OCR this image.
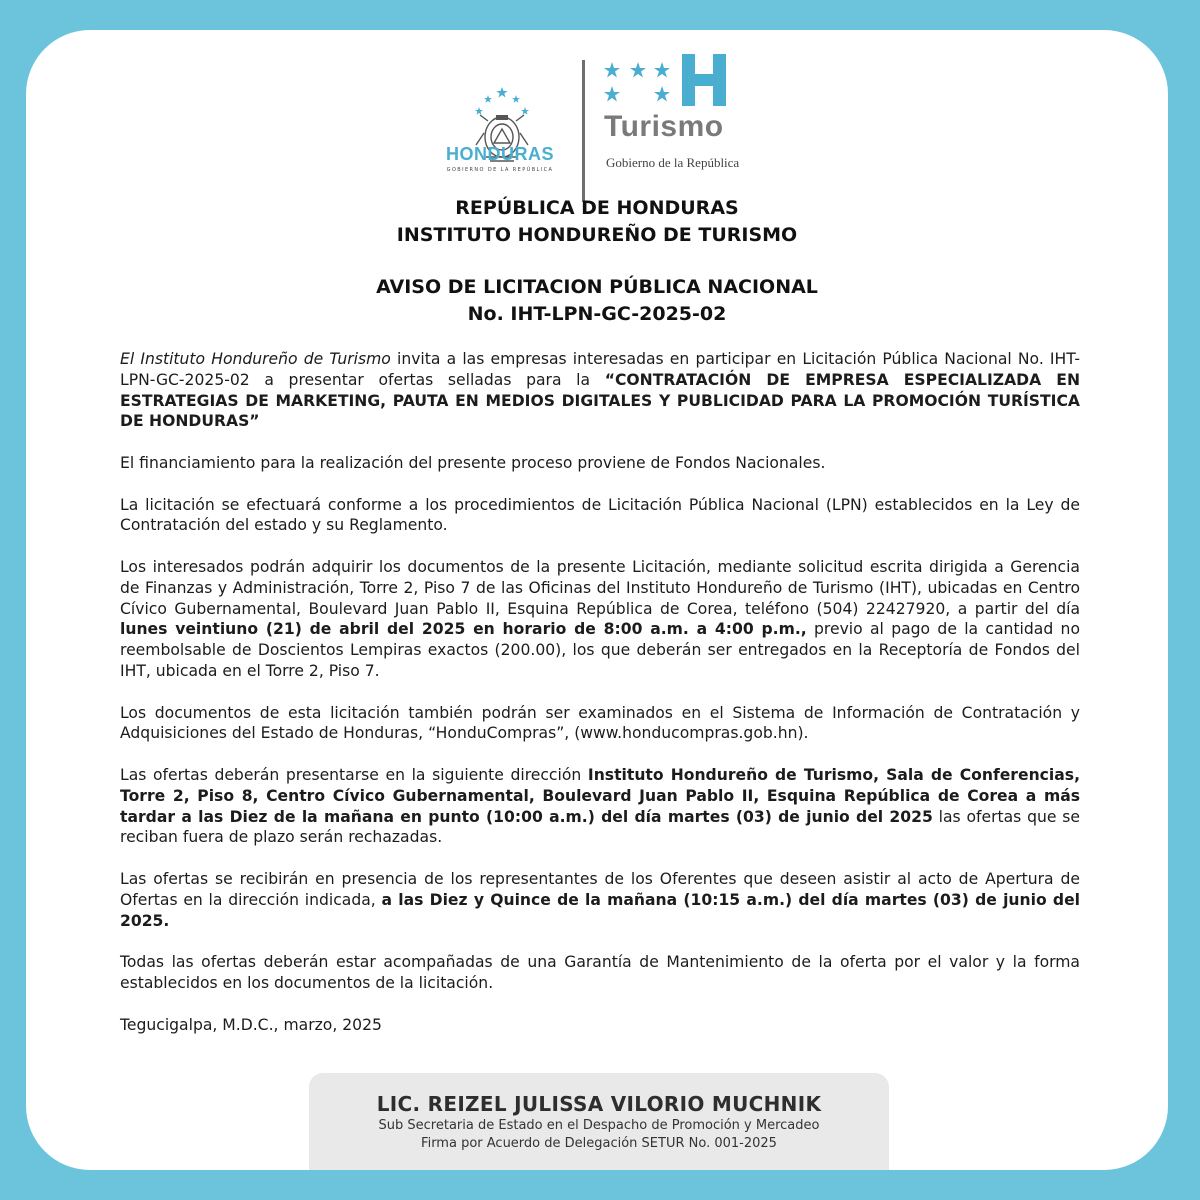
HONDURAS
GOBIERNO DE LA REPÚBLICA
Turismo
Gobierno de la República
REPÚBLICA DE HONDURAS
INSTITUTO HONDUREÑO DE TURISMO
AVISO DE LICITACION PÚBLICA NACIONAL
No. IHT-LPN-GC-2025-02

El Instituto Hondureño de Turismo invita a las empresas interesadas en participar en Licitación Pública Nacional No. IHT-LPN-GC-2025-02 a presentar ofertas selladas para la “CONTRATACIÓN DE EMPRESA ESPECIALIZADA EN ESTRATEGIAS DE MARKETING, PAUTA EN MEDIOS DIGITALES Y PUBLICIDAD PARA LA PROMOCIÓN TURÍSTICA DE HONDURAS”

El financiamiento para la realización del presente proceso proviene de Fondos Nacionales.

La licitación se efectuará conforme a los procedimientos de Licitación Pública Nacional (LPN) establecidos en la Ley de Contratación del estado y su Reglamento.

Los interesados podrán adquirir los documentos de la presente Licitación, mediante solicitud escrita dirigida a Gerencia de Finanzas y Administración, Torre 2, Piso 7 de las Oficinas del Instituto Hondureño de Turismo (IHT), ubicadas en Centro Cívico Gubernamental, Boulevard Juan Pablo II, Esquina República de Corea, teléfono (504) 22427920, a partir del día lunes veintiuno (21) de abril del 2025 en horario de 8:00 a.m. a 4:00 p.m., previo al pago de la cantidad no reembolsable de Doscientos Lempiras exactos (200.00), los que deberán ser entregados en la Receptoría de Fondos del IHT, ubicada en el Torre 2, Piso 7.

Los documentos de esta licitación también podrán ser examinados en el Sistema de Información de Contratación y Adquisiciones del Estado de Honduras, “HonduCompras”, (www.honducompras.gob.hn).

Las ofertas deberán presentarse en la siguiente dirección Instituto Hondureño de Turismo, Sala de Conferencias, Torre 2, Piso 8, Centro Cívico Gubernamental, Boulevard Juan Pablo II, Esquina República de Corea a más tardar a las Diez de la mañana en punto (10:00 a.m.) del día martes (03) de junio del 2025 las ofertas que se reciban fuera de plazo serán rechazadas.

Las ofertas se recibirán en presencia de los representantes de los Oferentes que deseen asistir al acto de Apertura de Ofertas en la dirección indicada, a las Diez y Quince de la mañana (10:15 a.m.) del día martes (03) de junio del 2025.

Todas las ofertas deberán estar acompañadas de una Garantía de Mantenimiento de la oferta por el valor y la forma establecidos en los documentos de la licitación.

Tegucigalpa, M.D.C., marzo, 2025

LIC. REIZEL JULISSA VILORIO MUCHNIK
Sub Secretaria de Estado en el Despacho de Promoción y Mercadeo
Firma por Acuerdo de Delegación SETUR No. 001-2025
